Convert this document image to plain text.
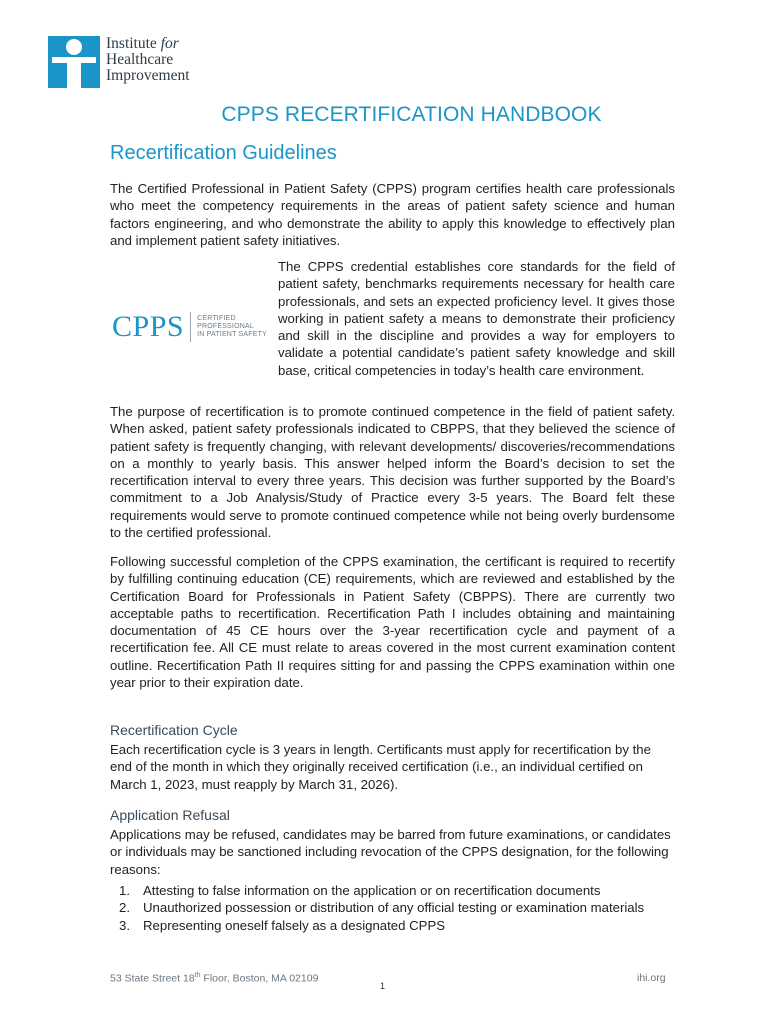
Institute for
Healthcare
Improvement
CPPS RECERTIFICATION HANDBOOK
Recertification Guidelines

The Certified Professional in Patient Safety (CPPS) program certifies health care professionals who meet the competency requirements in the areas of patient safety science and human factors engineering, and who demonstrate the ability to apply this knowledge to effectively plan and implement patient safety initiatives.

CPPS CERTIFIED
PROFESSIONAL
IN PATIENT SAFETY

The CPPS credential establishes core standards for the field of patient safety, benchmarks requirements necessary for health care professionals, and sets an expected proficiency level. It gives those working in patient safety a means to demonstrate their proficiency and skill in the discipline and provides a way for employers to validate a potential candidate’s patient safety knowledge and skill base, critical competencies in today’s health care environment.

The purpose of recertification is to promote continued competence in the field of patient safety. When asked, patient safety professionals indicated to CBPPS, that they believed the science of patient safety is frequently changing, with relevant developments/ discoveries/recommendations on a monthly to yearly basis. This answer helped inform the Board’s decision to set the recertification interval to every three years. This decision was further supported by the Board’s commitment to a Job Analysis/Study of Practice every 3-5 years. The Board felt these requirements would serve to promote continued competence while not being overly burdensome to the certified professional.

Following successful completion of the CPPS examination, the certificant is required to recertify by fulfilling continuing education (CE) requirements, which are reviewed and established by the Certification Board for Professionals in Patient Safety (CBPPS). There are currently two acceptable paths to recertification. Recertification Path I includes obtaining and maintaining documentation of 45 CE hours over the 3-year recertification cycle and payment of a recertification fee. All CE must relate to areas covered in the most current examination content outline. Recertification Path II requires sitting for and passing the CPPS examination within one year prior to their expiration date.

Recertification Cycle

Each recertification cycle is 3 years in length. Certificants must apply for recertification by the end of the month in which they originally received certification (i.e., an individual certified on March 1, 2023, must reapply by March 31, 2026).

Application Refusal

Applications may be refused, candidates may be barred from future examinations, or candidates or individuals may be sanctioned including revocation of the CPPS designation, for the following reasons:

1. Attesting to false information on the application or on recertification documents
2. Unauthorized possession or distribution of any official testing or examination materials
3. Representing oneself falsely as a designated CPPS
53 State Street 18th Floor, Boston, MA 02109
1
ihi.org
